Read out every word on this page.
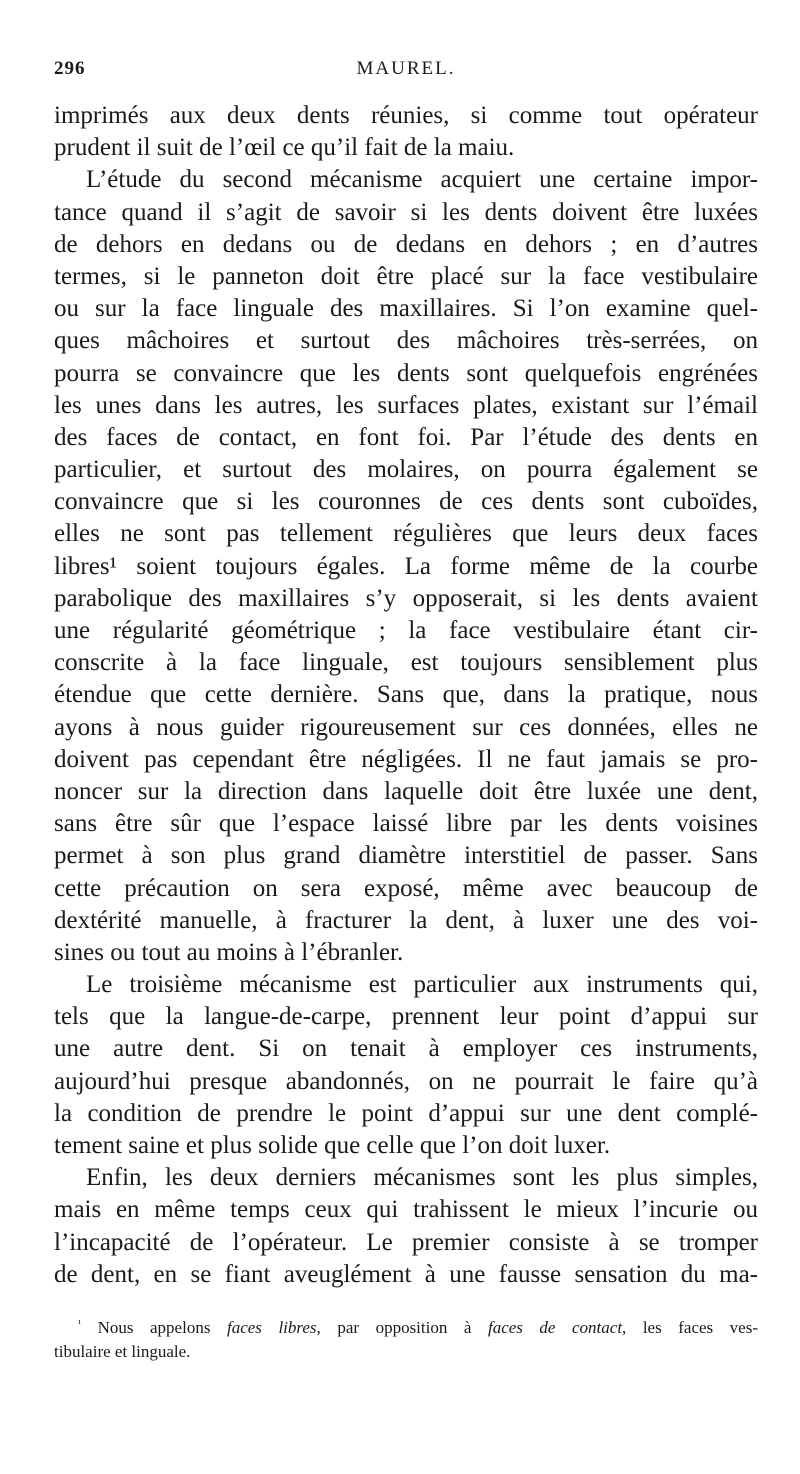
296	MAUREL.
imprimés aux deux dents réunies, si comme tout opérateur
prudent il suit de l’œil ce qu’il fait de la maiu.
L’étude du second mécanisme acquiert une certaine impor-
tance quand il s’agit de savoir si les dents doivent être luxées
de dehors en dedans ou de dedans en dehors ; en d’autres
termes, si le panneton doit être placé sur la face vestibulaire
ou sur la face linguale des maxillaires. Si l’on examine quel-
ques mâchoires et surtout des mâchoires très-serrées, on
pourra se convaincre que les dents sont quelquefois engrénées
les unes dans les autres, les surfaces plates, existant sur l’émail
des faces de contact, en font foi. Par l’étude des dents en
particulier, et surtout des molaires, on pourra également se
convaincre que si les couronnes de ces dents sont cuboïdes,
elles ne sont pas tellement régulières que leurs deux faces
libres¹ soient toujours égales. La forme même de la courbe
parabolique des maxillaires s’y opposerait, si les dents avaient
une régularité géométrique ; la face vestibulaire étant cir-
conscrite à la face linguale, est toujours sensiblement plus
étendue que cette dernière. Sans que, dans la pratique, nous
ayons à nous guider rigoureusement sur ces données, elles ne
doivent pas cependant être négligées. Il ne faut jamais se pro-
noncer sur la direction dans laquelle doit être luxée une dent,
sans être sûr que l’espace laissé libre par les dents voisines
permet à son plus grand diamètre interstitiel de passer. Sans
cette précaution on sera exposé, même avec beaucoup de
dextérité manuelle, à fracturer la dent, à luxer une des voi-
sines ou tout au moins à l’ébranler.
Le troisième mécanisme est particulier aux instruments qui,
tels que la langue-de-carpe, prennent leur point d’appui sur
une autre dent. Si on tenait à employer ces instruments,
aujourd’hui presque abandonnés, on ne pourrait le faire qu’à
la condition de prendre le point d’appui sur une dent complé-
tement saine et plus solide que celle que l’on doit luxer.
Enfin, les deux derniers mécanismes sont les plus simples,
mais en même temps ceux qui trahissent le mieux l’incurie ou
l’incapacité de l’opérateur. Le premier consiste à se tromper
de dent, en se fiant aveuglément à une fausse sensation du ma-
$^{^1}$ Nous appelons faces libres, par opposition à faces de contact, les faces ves-
tibulaire et linguale.
